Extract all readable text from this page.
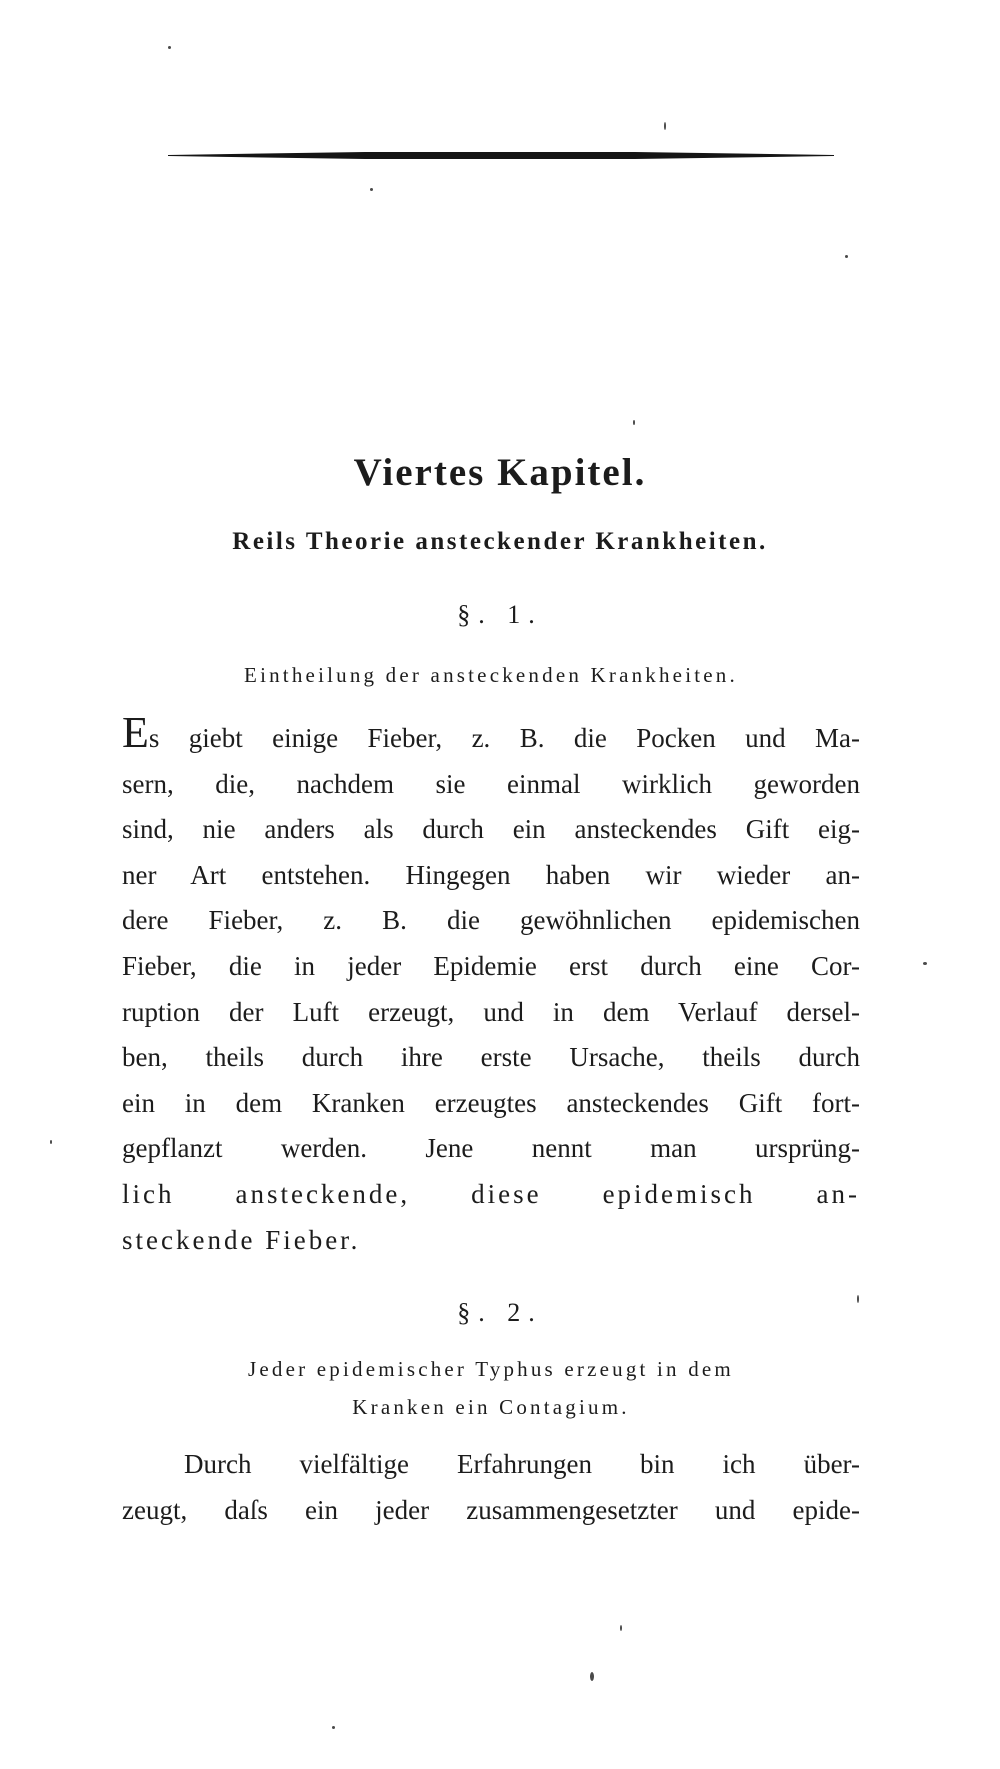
Viertes Kapitel.
Reils Theorie ansteckender Krankheiten.
§. 1.
Eintheilung der ansteckenden Krankheiten.
Es giebt einige Fieber, z. B. die Pocken und Ma-
sern, die, nachdem sie einmal wirklich geworden
sind, nie anders als durch ein ansteckendes Gift eig-
ner Art entstehen. Hingegen haben wir wieder an-
dere Fieber, z. B. die gewöhnlichen epidemischen
Fieber, die in jeder Epidemie erst durch eine Cor-
ruption der Luft erzeugt, und in dem Verlauf dersel-
ben, theils durch ihre erste Ursache, theils durch
ein in dem Kranken erzeugtes ansteckendes Gift fort-
gepflanzt werden. Jene nennt man ursprüng-
lich ansteckende, diese epidemisch an-
steckende Fieber.
§. 2.
Jeder epidemischer Typhus erzeugt in dem
Kranken ein Contagium.
Durch vielfältige Erfahrungen bin ich über-
zeugt, daſs ein jeder zusammengesetzter und epide-
